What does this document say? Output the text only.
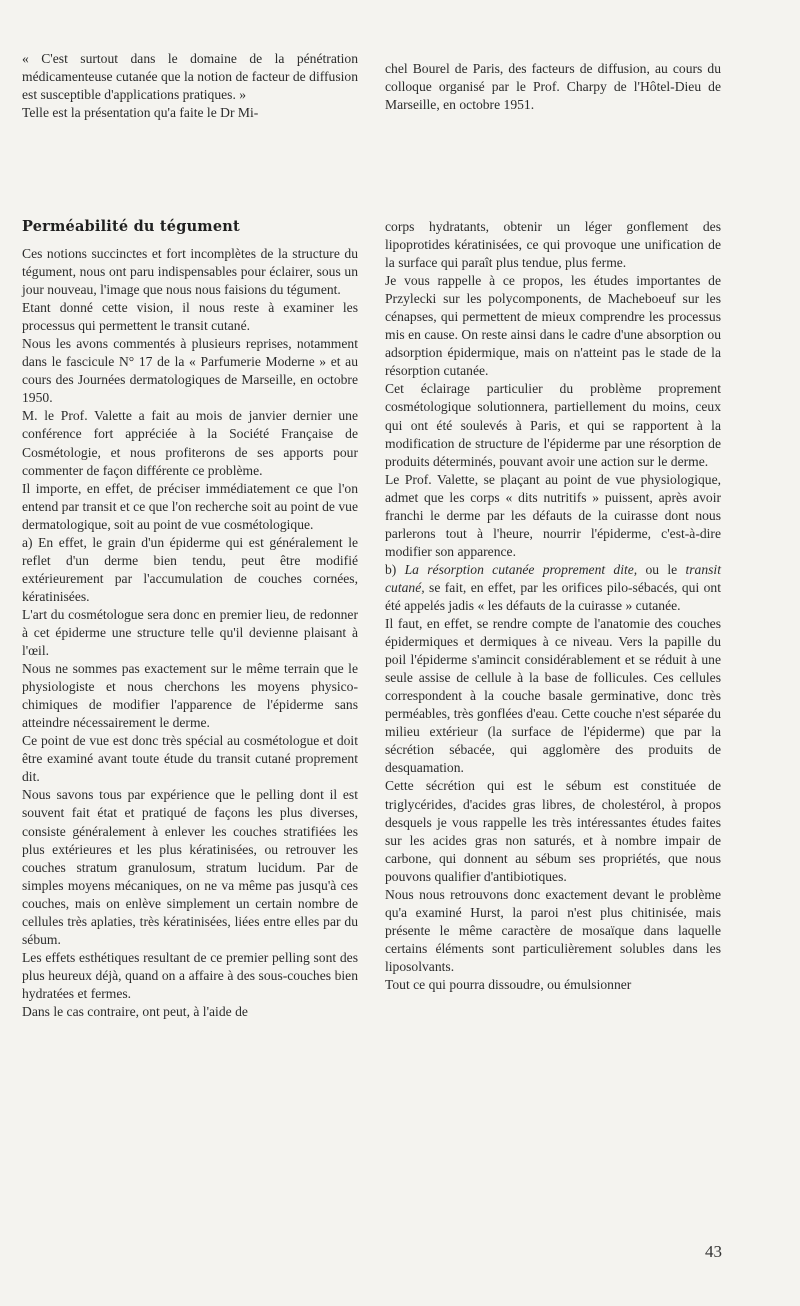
« C'est surtout dans le domaine de la pénétration médicamenteuse cutanée que la notion de facteur de diffusion est susceptible d'applications pratiques. »

Telle est la présentation qu'a faite le Dr Mi-

chel Bourel de Paris, des facteurs de diffusion, au cours du colloque organisé par le Prof. Charpy de l'Hôtel-Dieu de Marseille, en octobre 1951.

Perméabilité du tégument

Ces notions succinctes et fort incomplètes de la structure du tégument, nous ont paru indispensables pour éclairer, sous un jour nouveau, l'image que nous nous faisions du tégument.

Etant donné cette vision, il nous reste à examiner les processus qui permettent le transit cutané.

Nous les avons commentés à plusieurs reprises, notamment dans le fascicule N° 17 de la « Parfumerie Moderne » et au cours des Journées dermatologiques de Marseille, en octobre 1950.

M. le Prof. Valette a fait au mois de janvier dernier une conférence fort appréciée à la Société Française de Cosmétologie, et nous profiterons de ses apports pour commenter de façon différente ce problème.

Il importe, en effet, de préciser immédiatement ce que l'on entend par transit et ce que l'on recherche soit au point de vue dermatologique, soit au point de vue cosmétologique.

a) En effet, le grain d'un épiderme qui est généralement le reflet d'un derme bien tendu, peut être modifié extérieurement par l'accumulation de couches cornées, kératinisées.

L'art du cosmétologue sera donc en premier lieu, de redonner à cet épiderme une structure telle qu'il devienne plaisant à l'œil.

Nous ne sommes pas exactement sur le même terrain que le physiologiste et nous cherchons les moyens physico-chimiques de modifier l'apparence de l'épiderme sans atteindre nécessairement le derme.

Ce point de vue est donc très spécial au cosmétologue et doit être examiné avant toute étude du transit cutané proprement dit.

Nous savons tous par expérience que le pelling dont il est souvent fait état et pratiqué de façons les plus diverses, consiste généralement à enlever les couches stratifiées les plus extérieures et les plus kératinisées, ou retrouver les couches stratum granulosum, stratum lucidum. Par de simples moyens mécaniques, on ne va même pas jusqu'à ces couches, mais on enlève simplement un certain nombre de cellules très aplaties, très kératinisées, liées entre elles par du sébum.

Les effets esthétiques resultant de ce premier pelling sont des plus heureux déjà, quand on a affaire à des sous-couches bien hydratées et fermes.

Dans le cas contraire, ont peut, à l'aide de

corps hydratants, obtenir un léger gonflement des lipoprotides kératinisées, ce qui provoque une unification de la surface qui paraît plus tendue, plus ferme.

Je vous rappelle à ce propos, les études importantes de Przylecki sur les polycomponents, de Macheboeuf sur les cénapses, qui permettent de mieux comprendre les processus mis en cause. On reste ainsi dans le cadre d'une absorption ou adsorption épidermique, mais on n'atteint pas le stade de la résorption cutanée.

Cet éclairage particulier du problème proprement cosmétologique solutionnera, partiellement du moins, ceux qui ont été soulevés à Paris, et qui se rapportent à la modification de structure de l'épiderme par une résorption de produits déterminés, pouvant avoir une action sur le derme.

Le Prof. Valette, se plaçant au point de vue physiologique, admet que les corps « dits nutritifs » puissent, après avoir franchi le derme par les défauts de la cuirasse dont nous parlerons tout à l'heure, nourrir l'épiderme, c'est-à-dire modifier son apparence.

b) La résorption cutanée proprement dite, ou le transit cutané, se fait, en effet, par les orifices pilo-sébacés, qui ont été appelés jadis « les défauts de la cuirasse » cutanée.

Il faut, en effet, se rendre compte de l'anatomie des couches épidermiques et dermiques à ce niveau. Vers la papille du poil l'épiderme s'amincit considérablement et se réduit à une seule assise de cellule à la base de follicules. Ces cellules correspondent à la couche basale germinative, donc très perméables, très gonflées d'eau. Cette couche n'est séparée du milieu extérieur (la surface de l'épiderme) que par la sécrétion sébacée, qui agglomère des produits de desquamation.

Cette sécrétion qui est le sébum est constituée de triglycérides, d'acides gras libres, de cholestérol, à propos desquels je vous rappelle les très intéressantes études faites sur les acides gras non saturés, et à nombre impair de carbone, qui donnent au sébum ses propriétés, que nous pouvons qualifier d'antibiotiques.

Nous nous retrouvons donc exactement devant le problème qu'a examiné Hurst, la paroi n'est plus chitinisée, mais présente le même caractère de mosaïque dans laquelle certains éléments sont particulièrement solubles dans les liposolvants.

Tout ce qui pourra dissoudre, ou émulsionner

43
